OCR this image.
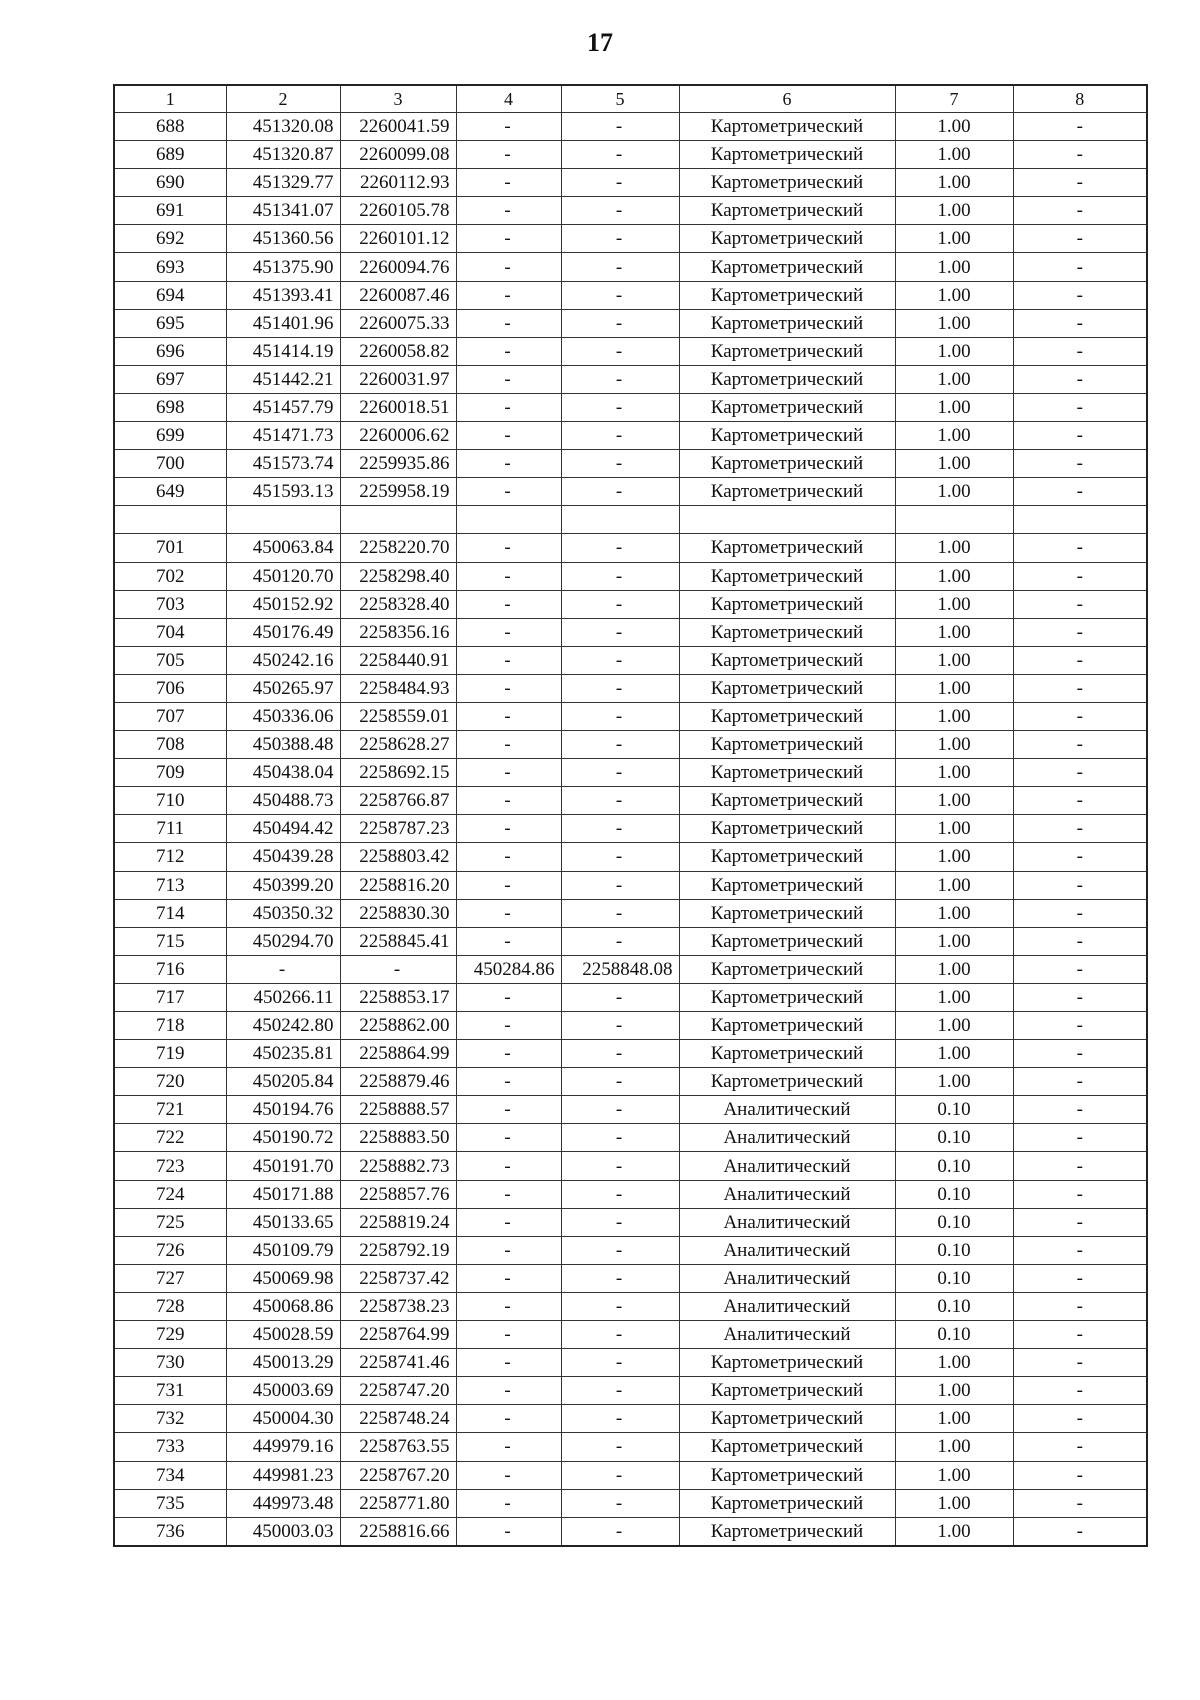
17
1	2	3	4	5	6	7	8
688	451320.08	2260041.59	-	-	Картометрический	1.00	-
689	451320.87	2260099.08	-	-	Картометрический	1.00	-
690	451329.77	2260112.93	-	-	Картометрический	1.00	-
691	451341.07	2260105.78	-	-	Картометрический	1.00	-
692	451360.56	2260101.12	-	-	Картометрический	1.00	-
693	451375.90	2260094.76	-	-	Картометрический	1.00	-
694	451393.41	2260087.46	-	-	Картометрический	1.00	-
695	451401.96	2260075.33	-	-	Картометрический	1.00	-
696	451414.19	2260058.82	-	-	Картометрический	1.00	-
697	451442.21	2260031.97	-	-	Картометрический	1.00	-
698	451457.79	2260018.51	-	-	Картометрический	1.00	-
699	451471.73	2260006.62	-	-	Картометрический	1.00	-
700	451573.74	2259935.86	-	-	Картометрический	1.00	-
649	451593.13	2259958.19	-	-	Картометрический	1.00	-

701	450063.84	2258220.70	-	-	Картометрический	1.00	-
702	450120.70	2258298.40	-	-	Картометрический	1.00	-
703	450152.92	2258328.40	-	-	Картометрический	1.00	-
704	450176.49	2258356.16	-	-	Картометрический	1.00	-
705	450242.16	2258440.91	-	-	Картометрический	1.00	-
706	450265.97	2258484.93	-	-	Картометрический	1.00	-
707	450336.06	2258559.01	-	-	Картометрический	1.00	-
708	450388.48	2258628.27	-	-	Картометрический	1.00	-
709	450438.04	2258692.15	-	-	Картометрический	1.00	-
710	450488.73	2258766.87	-	-	Картометрический	1.00	-
711	450494.42	2258787.23	-	-	Картометрический	1.00	-
712	450439.28	2258803.42	-	-	Картометрический	1.00	-
713	450399.20	2258816.20	-	-	Картометрический	1.00	-
714	450350.32	2258830.30	-	-	Картометрический	1.00	-
715	450294.70	2258845.41	-	-	Картометрический	1.00	-
716	-	-	450284.86	2258848.08	Картометрический	1.00	-
717	450266.11	2258853.17	-	-	Картометрический	1.00	-
718	450242.80	2258862.00	-	-	Картометрический	1.00	-
719	450235.81	2258864.99	-	-	Картометрический	1.00	-
720	450205.84	2258879.46	-	-	Картометрический	1.00	-
721	450194.76	2258888.57	-	-	Аналитический	0.10	-
722	450190.72	2258883.50	-	-	Аналитический	0.10	-
723	450191.70	2258882.73	-	-	Аналитический	0.10	-
724	450171.88	2258857.76	-	-	Аналитический	0.10	-
725	450133.65	2258819.24	-	-	Аналитический	0.10	-
726	450109.79	2258792.19	-	-	Аналитический	0.10	-
727	450069.98	2258737.42	-	-	Аналитический	0.10	-
728	450068.86	2258738.23	-	-	Аналитический	0.10	-
729	450028.59	2258764.99	-	-	Аналитический	0.10	-
730	450013.29	2258741.46	-	-	Картометрический	1.00	-
731	450003.69	2258747.20	-	-	Картометрический	1.00	-
732	450004.30	2258748.24	-	-	Картометрический	1.00	-
733	449979.16	2258763.55	-	-	Картометрический	1.00	-
734	449981.23	2258767.20	-	-	Картометрический	1.00	-
735	449973.48	2258771.80	-	-	Картометрический	1.00	-
736	450003.03	2258816.66	-	-	Картометрический	1.00	-
